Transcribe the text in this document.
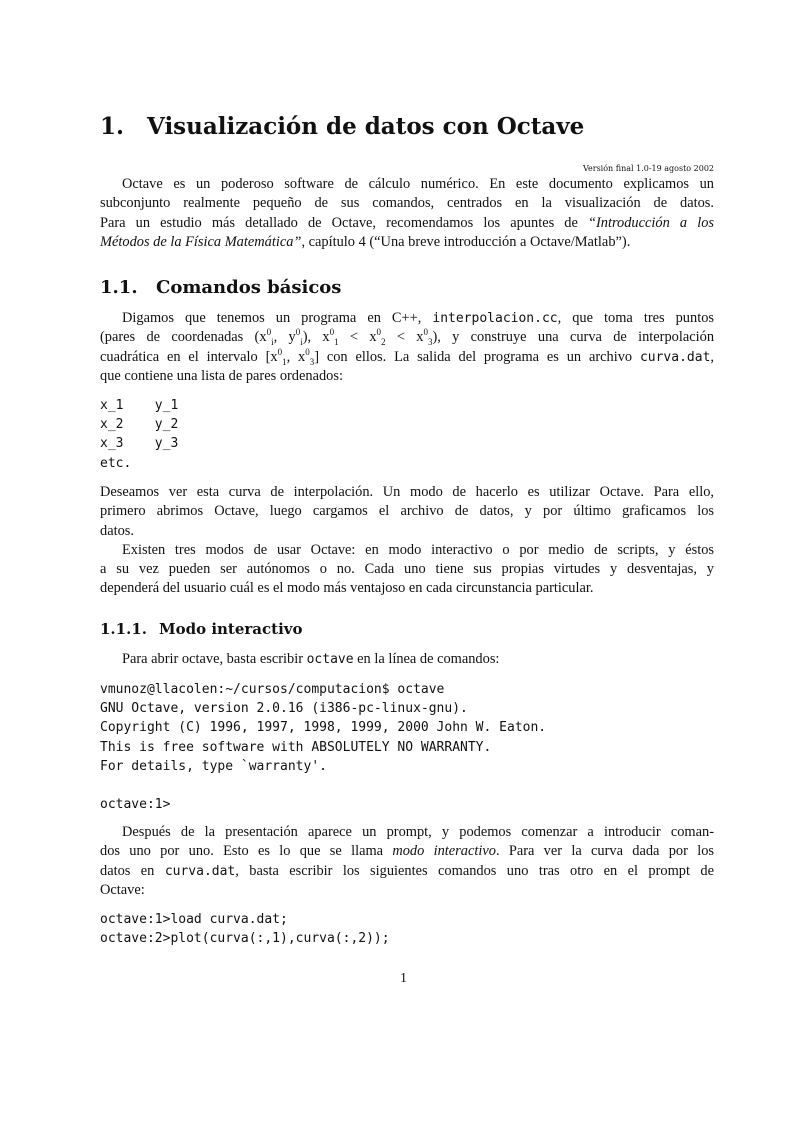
1. Visualización de datos con Octave
Versión final 1.0-19 agosto 2002
Octave es un poderoso software de cálculo numérico. En este documento explicamos un
subconjunto realmente pequeño de sus comandos, centrados en la visualización de datos.
Para un estudio más detallado de Octave, recomendamos los apuntes de “Introducción a los
Métodos de la Física Matemática”, capítulo 4 (“Una breve introducción a Octave/Matlab”).
1.1. Comandos básicos
Digamos que tenemos un programa en C++, interpolacion.cc, que toma tres puntos
(pares de coordenadas ($x^0_i$, $y^0_i$), $x^0_1 < x^0_2 < x^0_3$), y construye una curva de interpolación
cuadrática en el intervalo [$x^0_1$, $x^0_3$] con ellos. La salida del programa es un archivo curva.dat,
que contiene una lista de pares ordenados:
x_1    y_1
x_2    y_2
x_3    y_3
etc.
Deseamos ver esta curva de interpolación. Un modo de hacerlo es utilizar Octave. Para ello,
primero abrimos Octave, luego cargamos el archivo de datos, y por último graficamos los
datos.
Existen tres modos de usar Octave: en modo interactivo o por medio de scripts, y éstos
a su vez pueden ser autónomos o no. Cada uno tiene sus propias virtudes y desventajas, y
dependerá del usuario cuál es el modo más ventajoso en cada circunstancia particular.
1.1.1. Modo interactivo
Para abrir octave, basta escribir octave en la línea de comandos:
vmunoz@llacolen:~/cursos/computacion$ octave
GNU Octave, version 2.0.16 (i386-pc-linux-gnu).
Copyright (C) 1996, 1997, 1998, 1999, 2000 John W. Eaton.
This is free software with ABSOLUTELY NO WARRANTY.
For details, type `warranty'.

octave:1>
Después de la presentación aparece un prompt, y podemos comenzar a introducir coman-
dos uno por uno. Esto es lo que se llama modo interactivo. Para ver la curva dada por los
datos en curva.dat, basta escribir los siguientes comandos uno tras otro en el prompt de
Octave:
octave:1>load curva.dat;
octave:2>plot(curva(:,1),curva(:,2));
1
